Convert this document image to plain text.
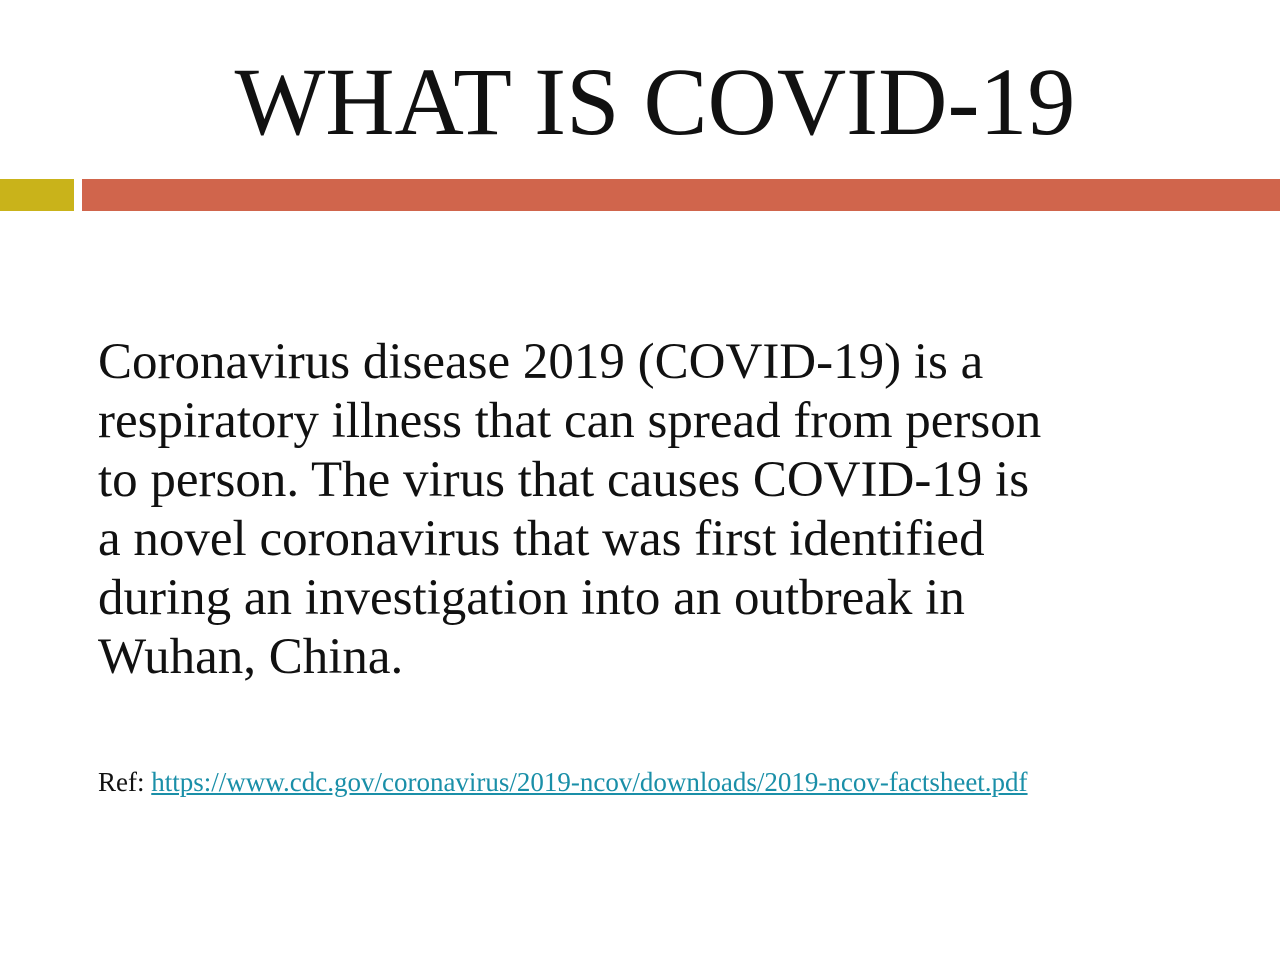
WHAT IS COVID-19

Coronavirus disease 2019 (COVID-19) is a
respiratory illness that can spread from person
to person. The virus that causes COVID-19 is
a novel coronavirus that was first identified
during an investigation into an outbreak in
Wuhan, China.

Ref: https://www.cdc.gov/coronavirus/2019-ncov/downloads/2019-ncov-factsheet.pdf
